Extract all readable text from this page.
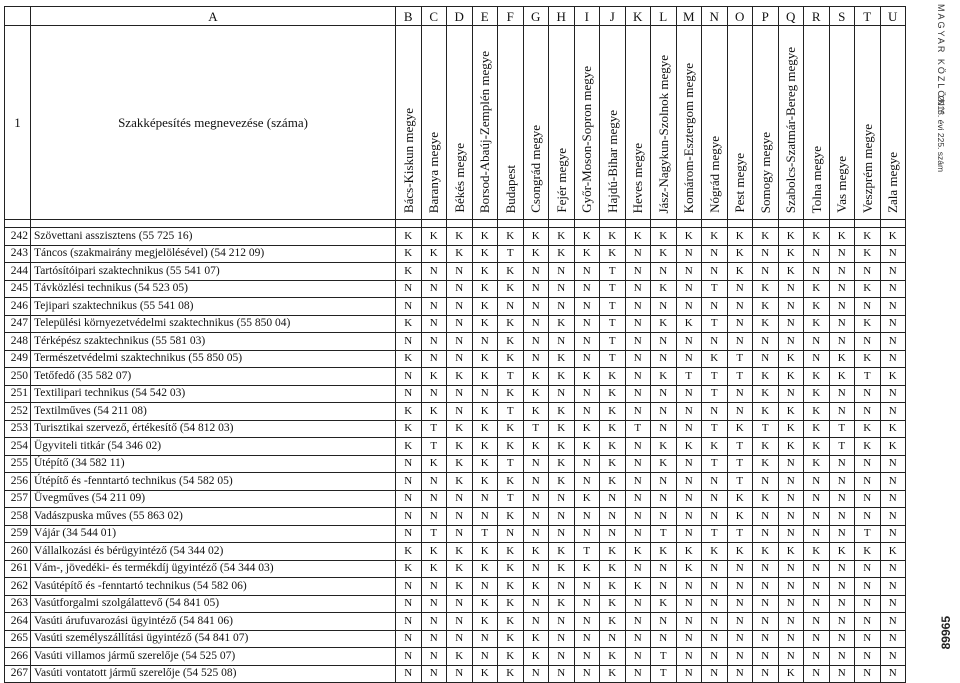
	A	B	C	D	E	F	G	H	I	J	K	L	M	N	O	P	Q	R	S	T	U
1	Szakképesítés megnevezése (száma)	Bács-Kiskun megye	Baranya megye	Békés megye	Borsod-Abaúj-Zemplén megye	Budapest	Csongrád megye	Fejér megye	Győr-Moson-Sopron megye	Hajdú-Bihar megye	Heves megye	Jász-Nagykun-Szolnok megye	Komárom-Esztergom megye	Nógrád megye	Pest megye	Somogy megye	Szabolcs-Szatmár-Bereg megye	Tolna megye	Vas megye	Veszprém megye	Zala megye

242	Szövettani asszisztens (55 725 16)	K	K	K	K	K	K	K	K	K	K	K	K	K	K	K	K	K	K	K	K
243	Táncos (szakmairány megjelölésével) (54 212 09)	K	K	K	K	T	K	K	K	K	N	K	N	N	K	N	K	N	N	K	N
244	Tartósítóipari szaktechnikus (55 541 07)	K	N	N	K	K	N	N	N	T	N	N	N	N	K	N	K	N	N	N	N
245	Távközlési technikus (54 523 05)	N	N	N	K	K	N	N	N	T	N	K	N	T	N	K	N	K	N	K	N
246	Tejipari szaktechnikus (55 541 08)	N	N	N	K	N	N	N	N	T	N	N	N	N	N	K	N	K	N	N	N
247	Települési környezetvédelmi szaktechnikus (55 850 04)	K	N	N	K	K	N	K	N	T	N	K	K	T	N	K	N	K	N	K	N
248	Térképész szaktechnikus (55 581 03)	N	N	N	N	K	N	N	N	T	N	N	N	N	N	N	N	N	N	N	N
249	Természetvédelmi szaktechnikus (55 850 05)	K	N	N	K	K	N	K	N	T	N	N	N	K	T	N	K	N	K	K	N
250	Tetőfedő (35 582 07)	N	K	K	K	T	K	K	K	K	N	K	T	T	T	K	K	K	K	T	K
251	Textilipari technikus (54 542 03)	N	N	N	N	K	K	N	N	K	N	N	N	T	N	K	N	K	N	N	N
252	Textilműves (54 211 08)	K	K	N	K	T	K	K	N	K	N	N	N	N	N	K	K	K	N	N	N
253	Turisztikai szervező, értékesítő (54 812 03)	K	T	K	K	K	T	K	K	K	T	N	N	T	K	T	K	K	T	K	K
254	Ügyviteli titkár (54 346 02)	K	T	K	K	K	K	K	K	K	N	K	K	K	T	K	K	K	T	K	K
255	Útépítő (34 582 11)	N	K	K	K	T	N	K	N	K	N	K	N	T	T	K	N	K	N	N	N
256	Útépítő és -fenntartó technikus (54 582 05)	N	N	K	K	K	N	K	N	K	N	N	N	N	T	N	N	N	N	N	N
257	Üvegműves (54 211 09)	N	N	N	N	T	N	N	K	N	N	N	N	N	K	K	N	N	N	N	N
258	Vadászpuska műves (55 863 02)	N	N	N	N	K	N	N	N	N	N	N	N	N	K	N	N	N	N	N	N
259	Vájár (34 544 01)	N	T	N	T	N	N	N	N	N	N	T	N	T	T	N	N	N	N	T	N
260	Vállalkozási és bérügyintéző (54 344 02)	K	K	K	K	K	K	K	T	K	K	K	K	K	K	K	K	K	K	K	K
261	Vám-, jövedéki- és termékdíj ügyintéző (54 344 03)	K	K	K	K	K	N	K	K	K	N	N	K	N	N	N	N	N	N	N	N
262	Vasútépítő és -fenntartó technikus (54 582 06)	N	N	K	N	K	K	N	N	K	K	N	N	N	N	N	N	N	N	N	N
263	Vasútforgalmi szolgálattevő (54 841 05)	N	N	N	K	K	N	K	N	K	N	K	N	N	N	N	N	N	N	N	N
264	Vasúti árufuvarozási ügyintéző (54 841 06)	N	N	N	K	K	N	N	N	K	N	N	N	N	N	N	N	N	N	N	N
265	Vasúti személyszállítási ügyintéző (54 841 07)	N	N	N	N	K	K	N	N	N	N	N	N	N	N	N	N	N	N	N	N
266	Vasúti villamos jármű szerelője (54 525 07)	N	N	K	N	K	K	N	N	K	N	T	N	N	N	N	N	N	N	N	N
267	Vasúti vontatott jármű szerelője (54 525 08)	N	N	N	K	K	N	N	N	K	N	T	N	N	N	N	K	N	N	N	N
MAGYAR KÖZLÖNY
2013. évi 225. szám
89965
